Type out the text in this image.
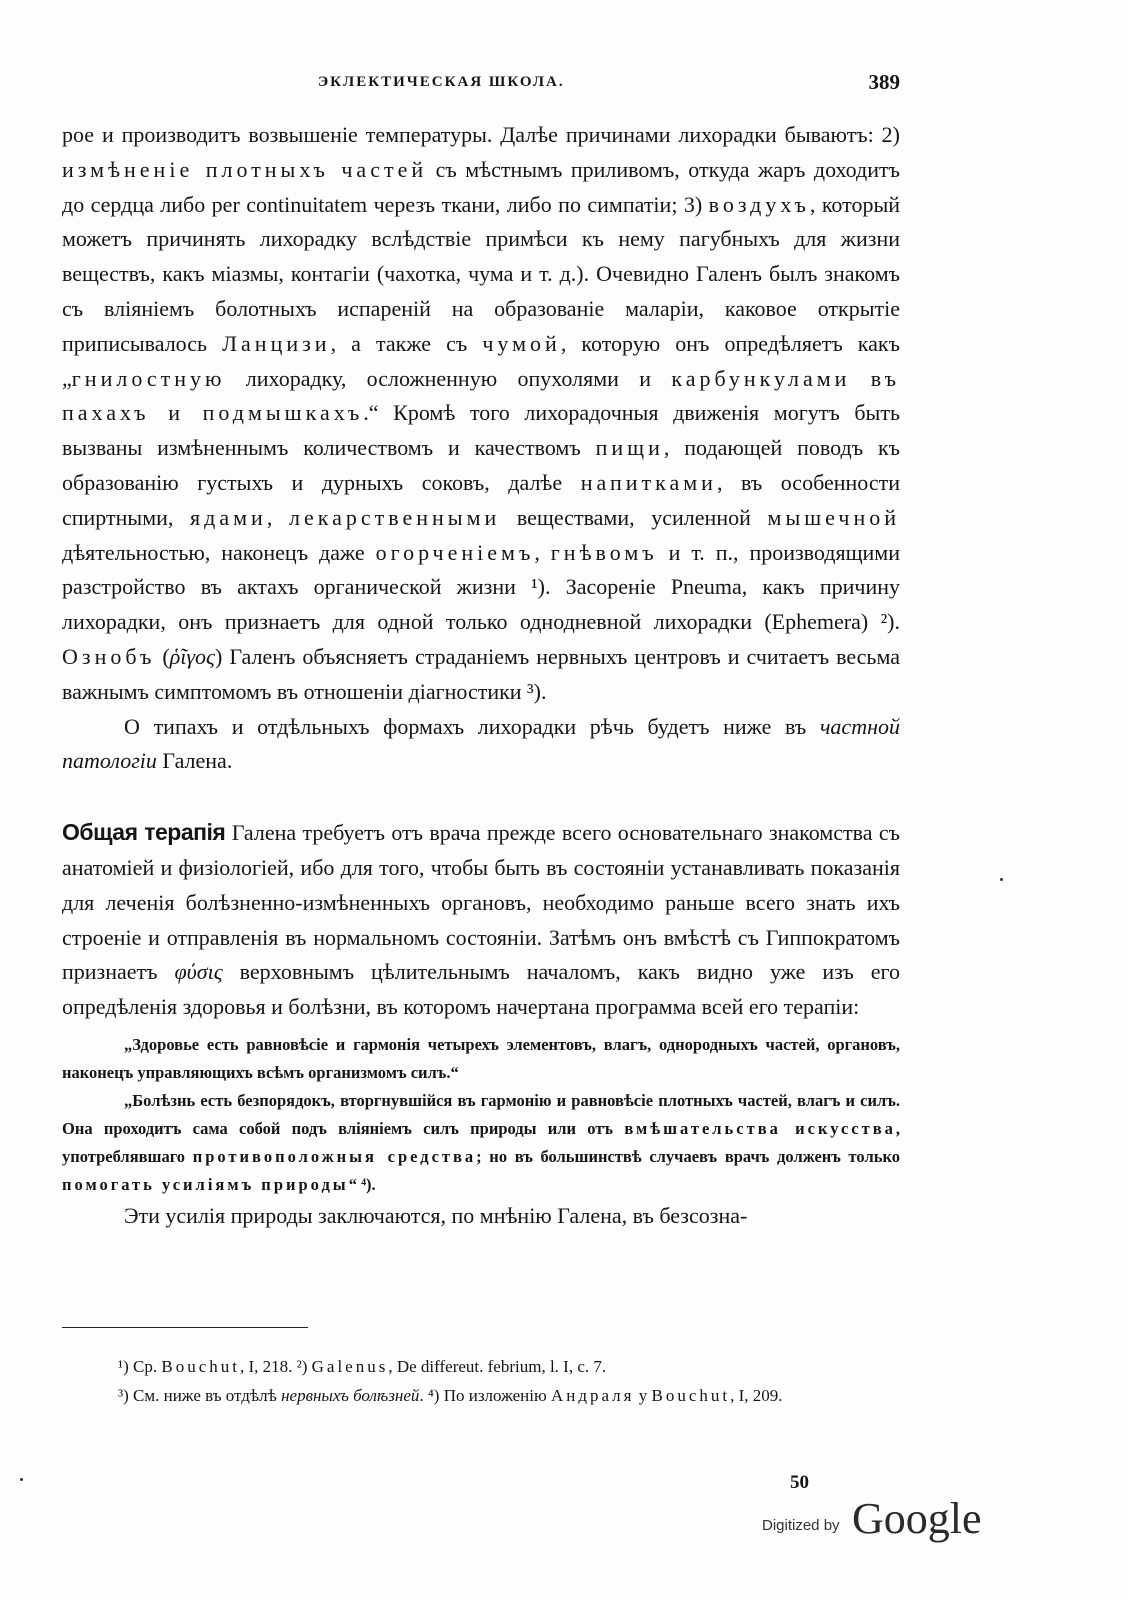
ЭКЛЕКТИЧЕСКАЯ ШКОЛА.	389

рое и производитъ возвышеніе температуры. Далѣе причинами лихорадки бываютъ: 2) измѣненіе плотныхъ частей съ мѣстнымъ приливомъ, откуда жаръ доходитъ до сердца либо per continuitatem черезъ ткани, либо по симпатіи; 3) воздухъ, который можетъ причинять лихорадку вслѣдствіе примѣси къ нему пагубныхъ для жизни веществъ, какъ міазмы, контагіи (чахотка, чума и т. д.). Очевидно Галенъ былъ знакомъ съ вліяніемъ болотныхъ испареній на образованіе маларіи, каковое открытіе приписывалось Ланцизи, а также съ чумой, которую онъ опредѣляетъ какъ „гнилостную лихорадку, осложненную опухолями и карбункулами въ пахахъ и подмышкахъ.“ Кромѣ того лихорадочныя движенія могутъ быть вызваны измѣненнымъ количествомъ и качествомъ пищи, подающей поводъ къ образованію густыхъ и дурныхъ соковъ, далѣе напитками, въ особенности спиртными, ядами, лекарственными веществами, усиленной мышечной дѣятельностью, наконецъ даже огорченіемъ, гнѣвомъ и т. п., производящими разстройство въ актахъ органической жизни ¹). Засореніе Pneuma, какъ причину лихорадки, онъ признаетъ для одной только однодневной лихорадки (Ephemera) ²). Ознобъ (ῥῖγος) Галенъ объясняетъ страданіемъ нервныхъ центровъ и считаетъ весьма важнымъ симптомомъ въ отношеніи діагностики ³).

О типахъ и отдѣльныхъ формахъ лихорадки рѣчь будетъ ниже въ частной патологіи Галена.

Общая терапія Галена требуетъ отъ врача прежде всего основательнаго знакомства съ анатоміей и физіологіей, ибо для того, чтобы быть въ состояніи устанавливать показанія для леченія болѣзненно-измѣненныхъ органовъ, необходимо раньше всего знать ихъ строеніе и отправленія въ нормальномъ состояніи. Затѣмъ онъ вмѣстѣ съ Гиппократомъ признаетъ φύσις верховнымъ цѣлительнымъ началомъ, какъ видно уже изъ его опредѣленія здоровья и болѣзни, въ которомъ начертана программа всей его терапіи:

„Здоровье есть равновѣсіе и гармонія четырехъ элементовъ, влагъ, однородныхъ частей, органовъ, наконецъ управляющихъ всѣмъ организмомъ силъ.“

„Болѣзнь есть безпорядокъ, вторгнувшійся въ гармонію и равновѣсіе плотныхъ частей, влагъ и силъ. Она проходитъ сама собой подъ вліяніемъ силъ природы или отъ вмѣшательства искусства, употреблявшаго противоположныя средства; но въ большинствѣ случаевъ врачъ долженъ только помогать усиліямъ природы“ ⁴).

Эти усилія природы заключаются, по мнѣнію Галена, въ безсозна-

¹) Cp. Bouchut, I, 218. ²) Galenus, De differeut. febrium, l. I, c. 7.

³) См. ниже въ отдѣлѣ нервныхъ болѣзней. ⁴) По изложенію Андраля у Bouchut, I, 209.

50
Digitized by Google
